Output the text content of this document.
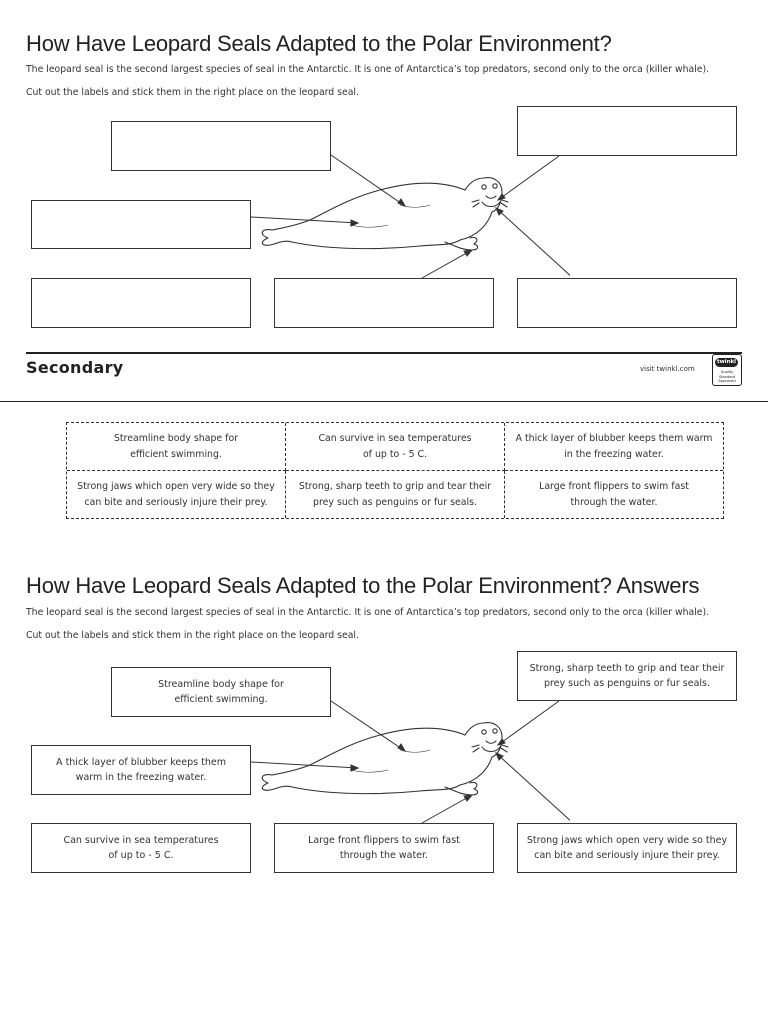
How Have Leopard Seals Adapted to the Polar Environment?

The leopard seal is the second largest species of seal in the Antarctic. It is one of Antarctica’s top predators, second only to the orca (killer whale).

Cut out the labels and stick them in the right place on the leopard seal.

Secondary	visit twinkl.com
twinkl
Quality Standard
Approved
Streamline body shape for
efficient swimming.
Can survive in sea temperatures
of up to - 5 C.
A thick layer of blubber keeps them warm
in the freezing water.
Strong jaws which open very wide so they
can bite and seriously injure their prey.
Strong, sharp teeth to grip and tear their
prey such as penguins or fur seals.
Large front flippers to swim fast
through the water.
How Have Leopard Seals Adapted to the Polar Environment? Answers

The leopard seal is the second largest species of seal in the Antarctic. It is one of Antarctica’s top predators, second only to the orca (killer whale).

Cut out the labels and stick them in the right place on the leopard seal.

Streamline body shape for
efficient swimming.
Strong, sharp teeth to grip and tear their
prey such as penguins or fur seals.
A thick layer of blubber keeps them
warm in the freezing water.
Can survive in sea temperatures
of up to - 5 C.
Large front flippers to swim fast
through the water.
Strong jaws which open very wide so they
can bite and seriously injure their prey.
